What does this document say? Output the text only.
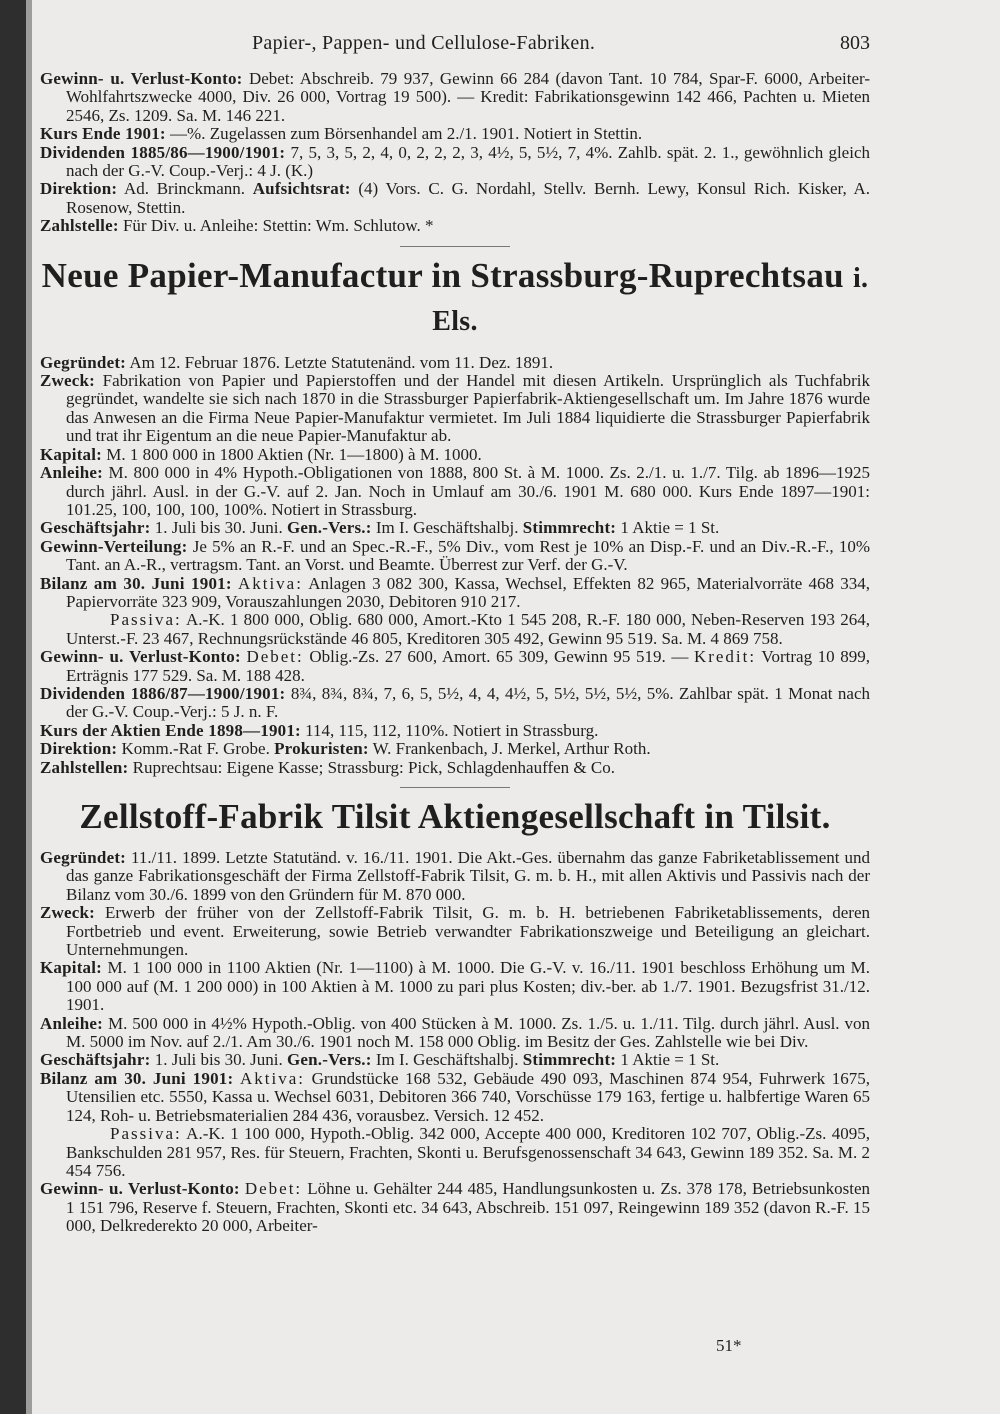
Papier-, Pappen- und Cellulose-Fabriken.	803

Gewinn- u. Verlust-Konto: Debet: Abschreib. 79 937, Gewinn 66 284 (davon Tant. 10 784, Spar-F. 6000, Arbeiter-Wohlfahrtszwecke 4000, Div. 26 000, Vortrag 19 500). — Kredit: Fabrikationsgewinn 142 466, Pachten u. Mieten 2546, Zs. 1209. Sa. M. 146 221.

Kurs Ende 1901: —%. Zugelassen zum Börsenhandel am 2./1. 1901. Notiert in Stettin.

Dividenden 1885/86—1900/1901: 7, 5, 3, 5, 2, 4, 0, 2, 2, 2, 3, 4½, 5, 5½, 7, 4%. Zahlb. spät. 2. 1., gewöhnlich gleich nach der G.-V. Coup.-Verj.: 4 J. (K.)

Direktion: Ad. Brinckmann. Aufsichtsrat: (4) Vors. C. G. Nordahl, Stellv. Bernh. Lewy, Konsul Rich. Kisker, A. Rosenow, Stettin.

Zahlstelle: Für Div. u. Anleihe: Stettin: Wm. Schlutow. *

Neue Papier-Manufactur in Strassburg-Ruprechtsau i. Els.

Gegründet: Am 12. Februar 1876. Letzte Statutenänd. vom 11. Dez. 1891.

Zweck: Fabrikation von Papier und Papierstoffen und der Handel mit diesen Artikeln. Ursprünglich als Tuchfabrik gegründet, wandelte sie sich nach 1870 in die Strassburger Papierfabrik-Aktiengesellschaft um. Im Jahre 1876 wurde das Anwesen an die Firma Neue Papier-Manufaktur vermietet. Im Juli 1884 liquidierte die Strassburger Papierfabrik und trat ihr Eigentum an die neue Papier-Manufaktur ab.

Kapital: M. 1 800 000 in 1800 Aktien (Nr. 1—1800) à M. 1000.

Anleihe: M. 800 000 in 4% Hypoth.-Obligationen von 1888, 800 St. à M. 1000. Zs. 2./1. u. 1./7. Tilg. ab 1896—1925 durch jährl. Ausl. in der G.-V. auf 2. Jan. Noch in Umlauf am 30./6. 1901 M. 680 000. Kurs Ende 1897—1901: 101.25, 100, 100, 100, 100%. Notiert in Strassburg.

Geschäftsjahr: 1. Juli bis 30. Juni. Gen.-Vers.: Im I. Geschäftshalbj. Stimmrecht: 1 Aktie = 1 St.

Gewinn-Verteilung: Je 5% an R.-F. und an Spec.-R.-F., 5% Div., vom Rest je 10% an Disp.-F. und an Div.-R.-F., 10% Tant. an A.-R., vertragsm. Tant. an Vorst. und Beamte. Überrest zur Verf. der G.-V.

Bilanz am 30. Juni 1901: Aktiva: Anlagen 3 082 300, Kassa, Wechsel, Effekten 82 965, Materialvorräte 468 334, Papiervorräte 323 909, Vorauszahlungen 2030, Debitoren 910 217.

Passiva: A.-K. 1 800 000, Oblig. 680 000, Amort.-Kto 1 545 208, R.-F. 180 000, Neben-Reserven 193 264, Unterst.-F. 23 467, Rechnungsrückstände 46 805, Kreditoren 305 492, Gewinn 95 519. Sa. M. 4 869 758.

Gewinn- u. Verlust-Konto: Debet: Oblig.-Zs. 27 600, Amort. 65 309, Gewinn 95 519. — Kredit: Vortrag 10 899, Erträgnis 177 529. Sa. M. 188 428.

Dividenden 1886/87—1900/1901: 8¾, 8¾, 8¾, 7, 6, 5, 5½, 4, 4, 4½, 5, 5½, 5½, 5½, 5%. Zahlbar spät. 1 Monat nach der G.-V. Coup.-Verj.: 5 J. n. F.

Kurs der Aktien Ende 1898—1901: 114, 115, 112, 110%. Notiert in Strassburg.

Direktion: Komm.-Rat F. Grobe. Prokuristen: W. Frankenbach, J. Merkel, Arthur Roth.

Zahlstellen: Ruprechtsau: Eigene Kasse; Strassburg: Pick, Schlagdenhauffen & Co.

Zellstoff-Fabrik Tilsit Aktiengesellschaft in Tilsit.

Gegründet: 11./11. 1899. Letzte Statutänd. v. 16./11. 1901. Die Akt.-Ges. übernahm das ganze Fabriketablissement und das ganze Fabrikationsgeschäft der Firma Zellstoff-Fabrik Tilsit, G. m. b. H., mit allen Aktivis und Passivis nach der Bilanz vom 30./6. 1899 von den Gründern für M. 870 000.

Zweck: Erwerb der früher von der Zellstoff-Fabrik Tilsit, G. m. b. H. betriebenen Fabriketablissements, deren Fortbetrieb und event. Erweiterung, sowie Betrieb verwandter Fabrikationszweige und Beteiligung an gleichart. Unternehmungen.

Kapital: M. 1 100 000 in 1100 Aktien (Nr. 1—1100) à M. 1000. Die G.-V. v. 16./11. 1901 beschloss Erhöhung um M. 100 000 auf (M. 1 200 000) in 100 Aktien à M. 1000 zu pari plus Kosten; div.-ber. ab 1./7. 1901. Bezugsfrist 31./12. 1901.

Anleihe: M. 500 000 in 4½% Hypoth.-Oblig. von 400 Stücken à M. 1000. Zs. 1./5. u. 1./11. Tilg. durch jährl. Ausl. von M. 5000 im Nov. auf 2./1. Am 30./6. 1901 noch M. 158 000 Oblig. im Besitz der Ges. Zahlstelle wie bei Div.

Geschäftsjahr: 1. Juli bis 30. Juni. Gen.-Vers.: Im I. Geschäftshalbj. Stimmrecht: 1 Aktie = 1 St.

Bilanz am 30. Juni 1901: Aktiva: Grundstücke 168 532, Gebäude 490 093, Maschinen 874 954, Fuhrwerk 1675, Utensilien etc. 5550, Kassa u. Wechsel 6031, Debitoren 366 740, Vorschüsse 179 163, fertige u. halbfertige Waren 65 124, Roh- u. Betriebsmaterialien 284 436, vorausbez. Versich. 12 452.

Passiva: A.-K. 1 100 000, Hypoth.-Oblig. 342 000, Accepte 400 000, Kreditoren 102 707, Oblig.-Zs. 4095, Bankschulden 281 957, Res. für Steuern, Frachten, Skonti u. Berufsgenossenschaft 34 643, Gewinn 189 352. Sa. M. 2 454 756.

Gewinn- u. Verlust-Konto: Debet: Löhne u. Gehälter 244 485, Handlungsunkosten u. Zs. 378 178, Betriebsunkosten 1 151 796, Reserve f. Steuern, Frachten, Skonti etc. 34 643, Abschreib. 151 097, Reingewinn 189 352 (davon R.-F. 15 000, Delkrederekto 20 000, Arbeiter-

51*
